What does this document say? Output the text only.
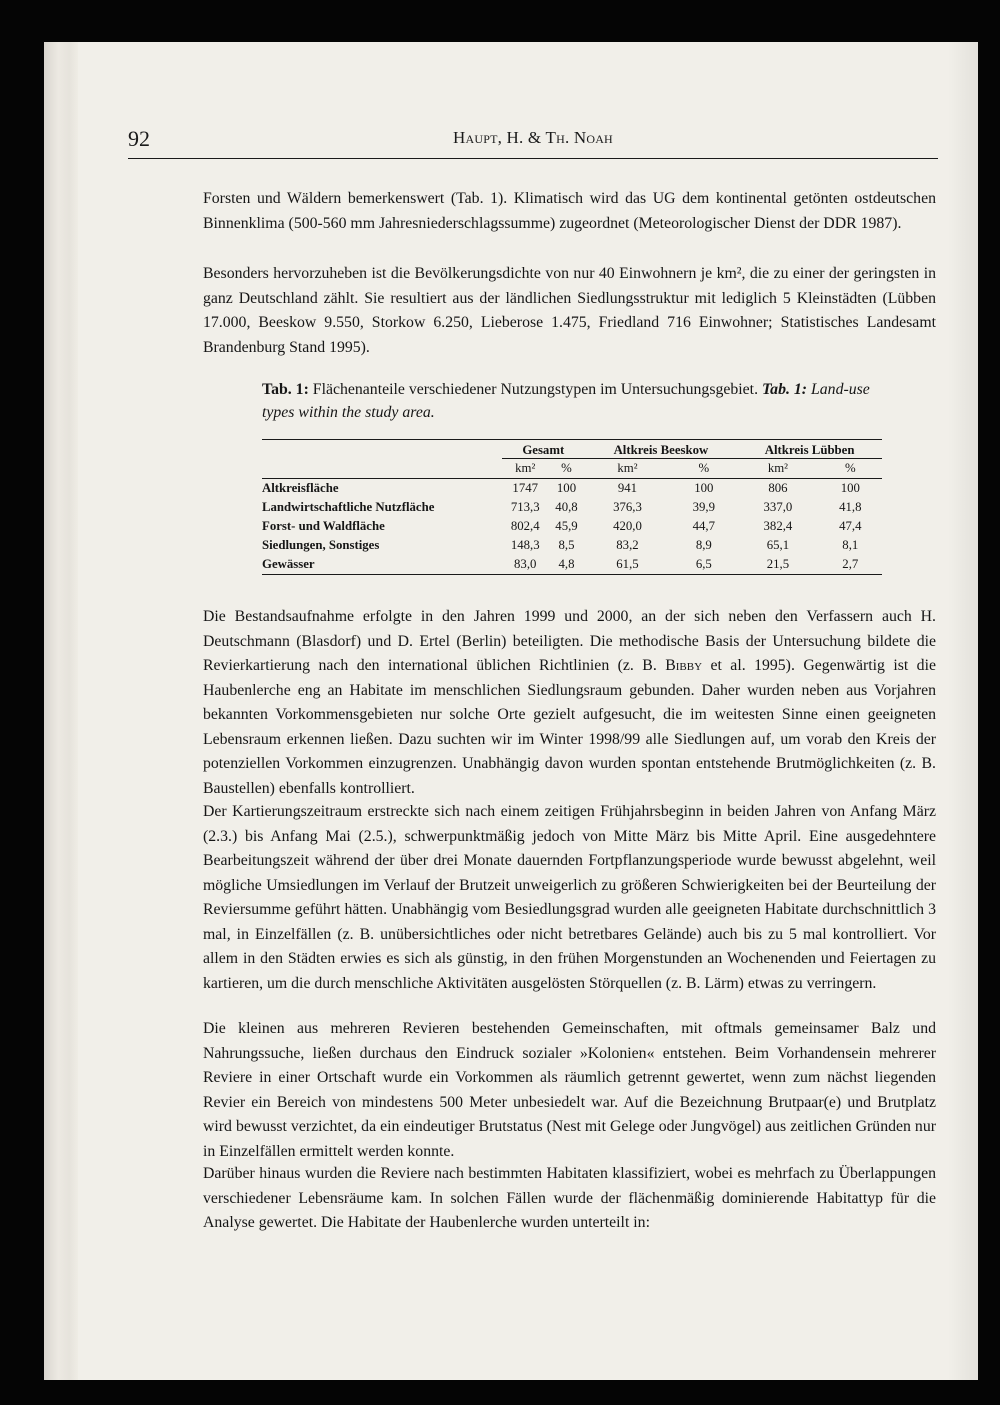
92	Haupt, H. & Th. Noah

Forsten und Wäldern bemerkenswert (Tab. 1). Klimatisch wird das UG dem kontinental getönten ostdeutschen Binnenklima (500-560 mm Jahresniederschlagssumme) zugeordnet (Meteorologischer Dienst der DDR 1987).

Besonders hervorzuheben ist die Bevölkerungsdichte von nur 40 Einwohnern je km², die zu einer der geringsten in ganz Deutschland zählt. Sie resultiert aus der ländlichen Siedlungsstruktur mit lediglich 5 Kleinstädten (Lübben 17.000, Beeskow 9.550, Storkow 6.250, Lieberose 1.475, Friedland 716 Einwohner; Statistisches Landesamt Brandenburg Stand 1995).

Tab. 1: Flächenanteile verschiedener Nutzungstypen im Untersuchungsgebiet. Tab. 1: Land-use types within the study area.

	Gesamt		Altkreis Beeskow		Altkreis Lübben	
	km²	%	km²	%	km²	%
Altkreisfläche	1747	100	941	100	806	100
Landwirtschaftliche Nutzfläche	713,3	40,8	376,3	39,9	337,0	41,8
Forst- und Waldfläche	802,4	45,9	420,0	44,7	382,4	47,4
Siedlungen, Sonstiges	148,3	8,5	83,2	8,9	65,1	8,1
Gewässer	83,0	4,8	61,5	6,5	21,5	2,7

Die Bestandsaufnahme erfolgte in den Jahren 1999 und 2000, an der sich neben den Verfassern auch H. Deutschmann (Blasdorf) und D. Ertel (Berlin) beteiligten. Die methodische Basis der Untersuchung bildete die Revierkartierung nach den international üblichen Richtlinien (z. B. Bibby et al. 1995). Gegenwärtig ist die Haubenlerche eng an Habitate im menschlichen Siedlungsraum gebunden. Daher wurden neben aus Vorjahren bekannten Vorkommensgebieten nur solche Orte gezielt aufgesucht, die im weitesten Sinne einen geeigneten Lebensraum erkennen ließen. Dazu suchten wir im Winter 1998/99 alle Siedlungen auf, um vorab den Kreis der potenziellen Vorkommen einzugrenzen. Unabhängig davon wurden spontan entstehende Brutmöglichkeiten (z. B. Baustellen) ebenfalls kontrolliert.

Der Kartierungszeitraum erstreckte sich nach einem zeitigen Frühjahrsbeginn in beiden Jahren von Anfang März (2.3.) bis Anfang Mai (2.5.), schwerpunktmäßig jedoch von Mitte März bis Mitte April. Eine ausgedehntere Bearbeitungszeit während der über drei Monate dauernden Fortpflanzungsperiode wurde bewusst abgelehnt, weil mögliche Umsiedlungen im Verlauf der Brutzeit unweigerlich zu größeren Schwierigkeiten bei der Beurteilung der Reviersumme geführt hätten. Unabhängig vom Besiedlungsgrad wurden alle geeigneten Habitate durchschnittlich 3 mal, in Einzelfällen (z. B. unübersichtliches oder nicht betretbares Gelände) auch bis zu 5 mal kontrolliert. Vor allem in den Städten erwies es sich als günstig, in den frühen Morgenstunden an Wochenenden und Feiertagen zu kartieren, um die durch menschliche Aktivitäten ausgelösten Störquellen (z. B. Lärm) etwas zu verringern.

Die kleinen aus mehreren Revieren bestehenden Gemeinschaften, mit oftmals gemeinsamer Balz und Nahrungssuche, ließen durchaus den Eindruck sozialer »Kolonien« entstehen. Beim Vorhandensein mehrerer Reviere in einer Ortschaft wurde ein Vorkommen als räumlich getrennt gewertet, wenn zum nächst liegenden Revier ein Bereich von mindestens 500 Meter unbesiedelt war. Auf die Bezeichnung Brutpaar(e) und Brutplatz wird bewusst verzichtet, da ein eindeutiger Brutstatus (Nest mit Gelege oder Jungvögel) aus zeitlichen Gründen nur in Einzelfällen ermittelt werden konnte.

Darüber hinaus wurden die Reviere nach bestimmten Habitaten klassifiziert, wobei es mehrfach zu Überlappungen verschiedener Lebensräume kam. In solchen Fällen wurde der flächenmäßig dominierende Habitattyp für die Analyse gewertet. Die Habitate der Haubenlerche wurden unterteilt in:
